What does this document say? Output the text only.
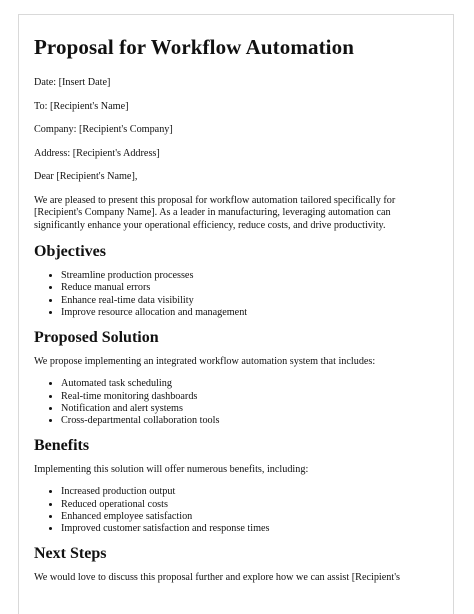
Proposal for Workflow Automation

Date: [Insert Date]

To: [Recipient's Name]

Company: [Recipient's Company]

Address: [Recipient's Address]

Dear [Recipient's Name],

We are pleased to present this proposal for workflow automation tailored specifically for [Recipient's Company Name]. As a leader in manufacturing, leveraging automation can significantly enhance your operational efficiency, reduce costs, and drive productivity.

Objectives
• Streamline production processes
• Reduce manual errors
• Enhance real-time data visibility
• Improve resource allocation and management
Proposed Solution

We propose implementing an integrated workflow automation system that includes:

• Automated task scheduling
• Real-time monitoring dashboards
• Notification and alert systems
• Cross-departmental collaboration tools
Benefits

Implementing this solution will offer numerous benefits, including:

• Increased production output
• Reduced operational costs
• Enhanced employee satisfaction
• Improved customer satisfaction and response times
Next Steps

We would love to discuss this proposal further and explore how we can assist [Recipient's
